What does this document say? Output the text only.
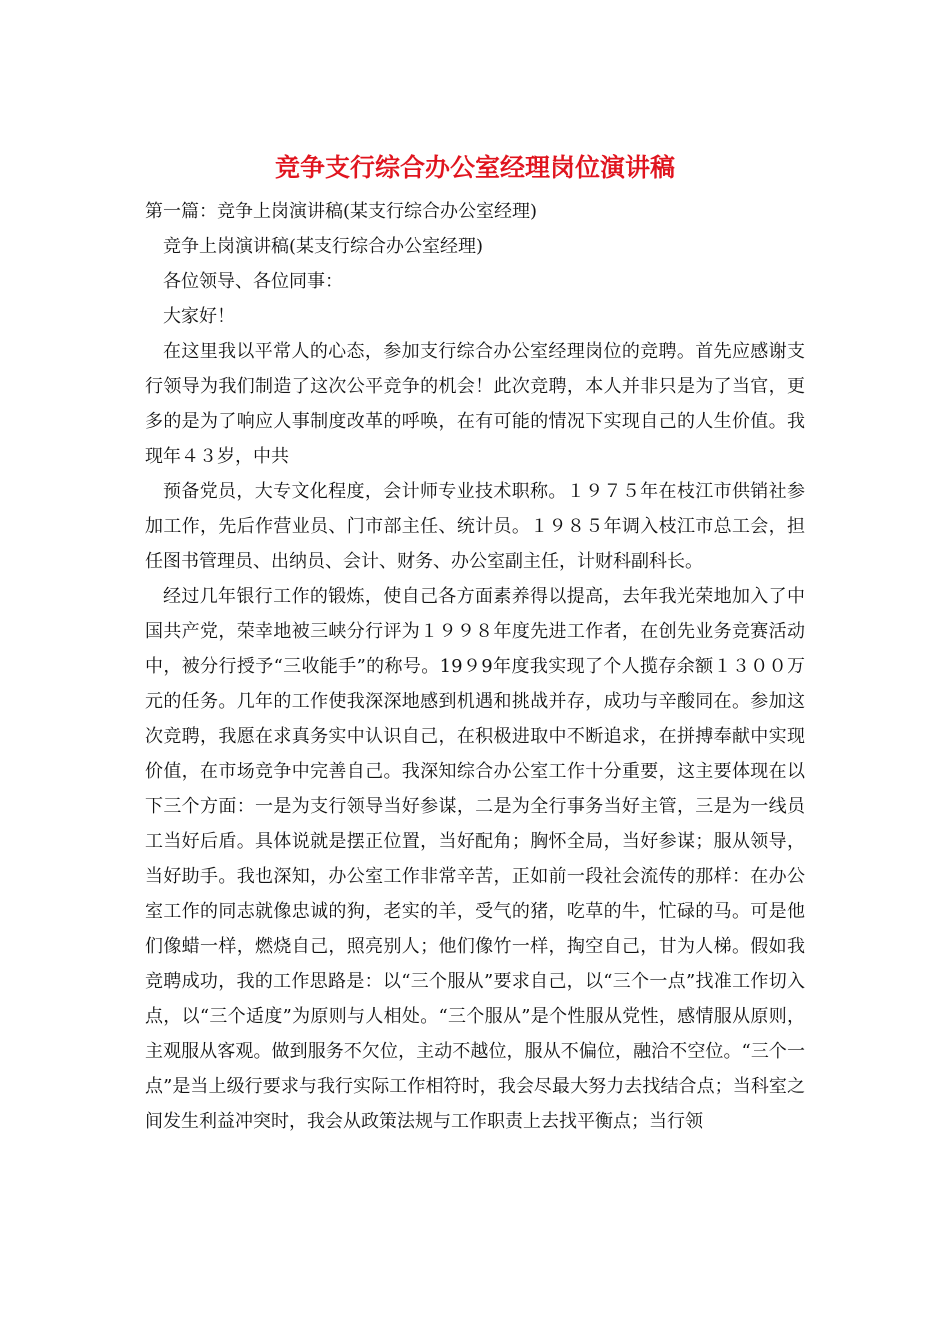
竞争支行综合办公室经理岗位演讲稿

第一篇：竞争上岗演讲稿(某支行综合办公室经理)

竞争上岗演讲稿(某支行综合办公室经理)

各位领导、各位同事：

大家好！

在这里我以平常人的心态，参加支行综合办公室经理岗位的竞聘。首先应感谢支行领导为我们制造了这次公平竞争的机会！此次竞聘，本人并非只是为了当官，更多的是为了响应人事制度改革的呼唤，在有可能的情况下实现自己的人生价值。我现年４３岁，中共

预备党员，大专文化程度，会计师专业技术职称。１９７５年在枝江市供销社参加工作，先后作营业员、门市部主任、统计员。１９８５年调入枝江市总工会，担任图书管理员、出纳员、会计、财务、办公室副主任，计财科副科长。

经过几年银行工作的锻炼，使自己各方面素养得以提高，去年我光荣地加入了中国共产党，荣幸地被三峡分行评为１９９８年度先进工作者，在创先业务竞赛活动中，被分行授予“三收能手”的称号。19９9年度我实现了个人揽存余额１３００万元的任务。几年的工作使我深深地感到机遇和挑战并存，成功与辛酸同在。参加这次竞聘，我愿在求真务实中认识自己，在积极进取中不断追求，在拼搏奉献中实现价值，在市场竞争中完善自己。我深知综合办公室工作十分重要，这主要体现在以下三个方面：一是为支行领导当好参谋，二是为全行事务当好主管，三是为一线员工当好后盾。具体说就是摆正位置，当好配角；胸怀全局，当好参谋；服从领导，当好助手。我也深知，办公室工作非常辛苦，正如前一段社会流传的那样：在办公室工作的同志就像忠诚的狗，老实的羊，受气的猪，吃草的牛，忙碌的马。可是他们像蜡一样，燃烧自己，照亮别人；他们像竹一样，掏空自己，甘为人梯。假如我竞聘成功，我的工作思路是：以“三个服从”要求自己，以“三个一点”找准工作切入点，以“三个适度”为原则与人相处。“三个服从”是个性服从党性，感情服从原则，主观服从客观。做到服务不欠位，主动不越位，服从不偏位，融洽不空位。“三个一点”是当上级行要求与我行实际工作相符时，我会尽最大努力去找结合点；当科室之间发生利益冲突时，我会从政策法规与工作职责上去找平衡点；当行领
